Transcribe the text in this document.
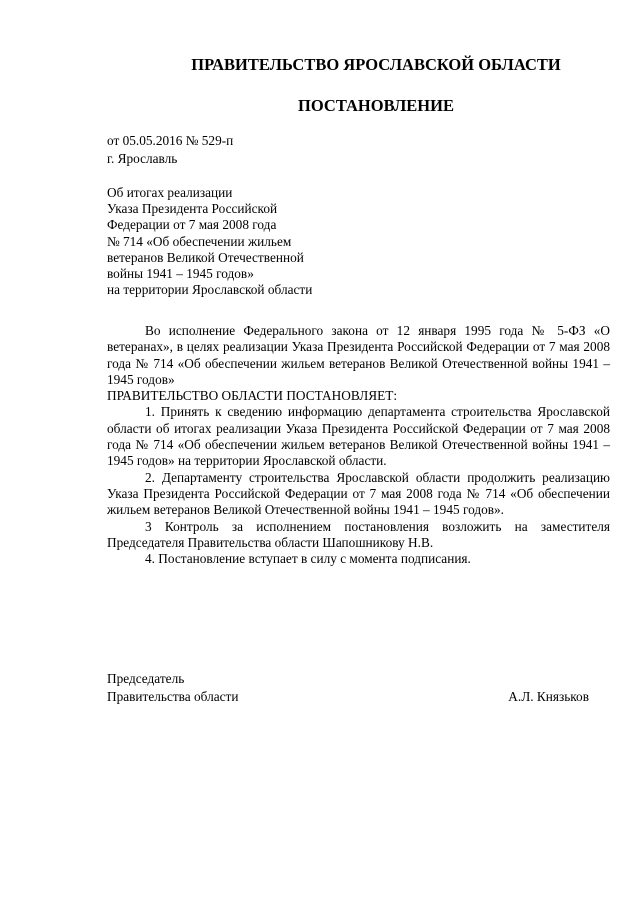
ПРАВИТЕЛЬСТВО ЯРОСЛАВСКОЙ ОБЛАСТИ
ПОСТАНОВЛЕНИЕ
от 05.05.2016 № 529-п
г. Ярославль
Об итогах реализации
Указа Президента Российской
Федерации от 7 мая 2008 года
№ 714 «Об обеспечении жильем
ветеранов Великой Отечественной
войны 1941 – 1945 годов»
на территории Ярославской области

Во исполнение Федерального закона от 12 января 1995 года № 5-ФЗ «О ветеранах», в целях реализации Указа Президента Российской Федерации от 7 мая 2008 года № 714 «Об обеспечении жильем ветеранов Великой Отечественной войны 1941 – 1945 годов»

ПРАВИТЕЛЬСТВО ОБЛАСТИ ПОСТАНОВЛЯЕТ:

1. Принять к сведению информацию департамента строительства Ярославской области об итогах реализации Указа Президента Российской Федерации от 7 мая 2008 года № 714 «Об обеспечении жильем ветеранов Великой Отечественной войны 1941 – 1945 годов» на территории Ярославской области.

2. Департаменту строительства Ярославской области продолжить реализацию Указа Президента Российской Федерации от 7 мая 2008 года № 714 «Об обеспечении жильем ветеранов Великой Отечественной войны 1941 – 1945 годов».

3 Контроль за исполнением постановления возложить на заместителя Председателя Правительства области Шапошникову Н.В.

4. Постановление вступает в силу с момента подписания.

Председатель
Правительства области	А.Л. Князьков
